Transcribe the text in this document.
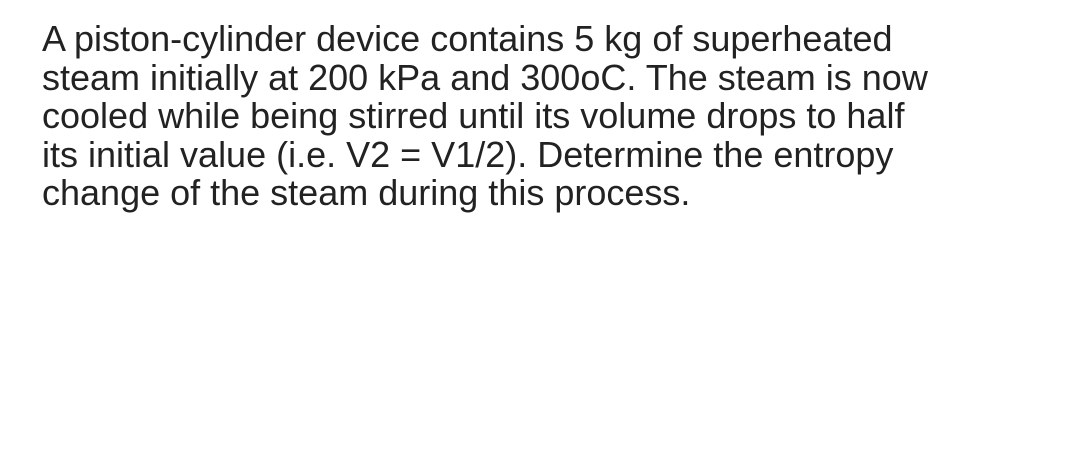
A piston-cylinder device contains 5 kg of superheated
steam initially at 200 kPa and 300oC. The steam is now
cooled while being stirred until its volume drops to half
its initial value (i.e. V2 = V1/2). Determine the entropy
change of the steam during this process.
